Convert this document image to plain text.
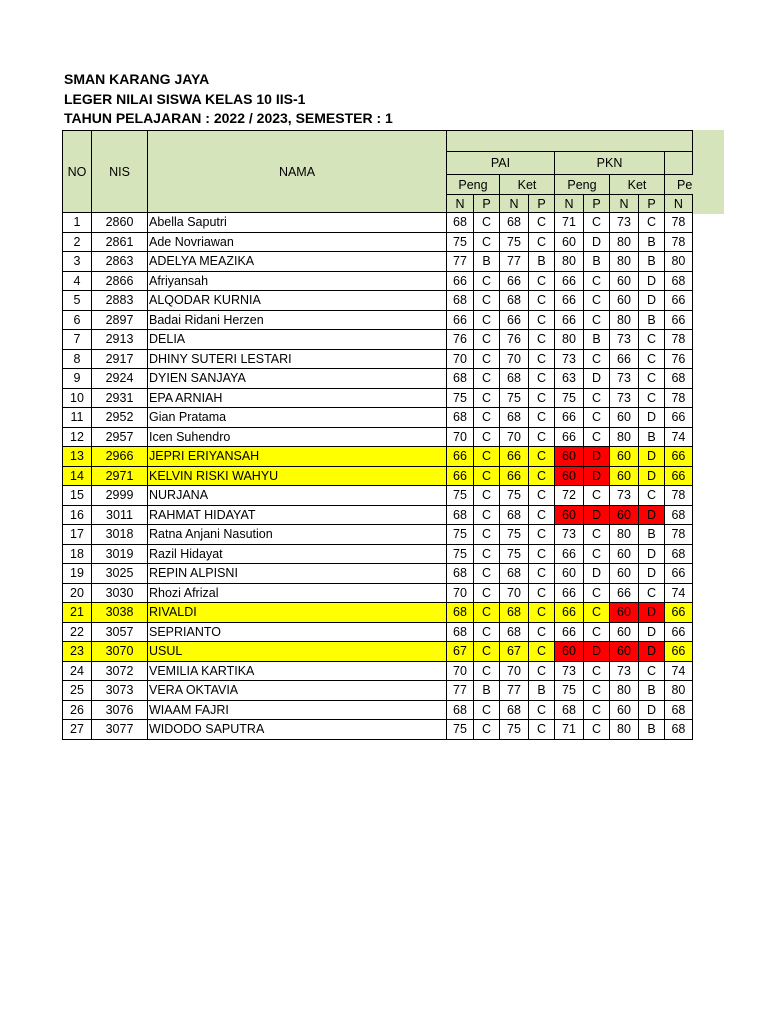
SMAN KARANG JAYA
LEGER NILAI SISWA KELAS 10 IIS-1
TAHUN PELAJARAN : 2022 / 2023, SEMESTER : 1
NO	NIS	NAMA									
			PAI				PKN				
			Peng		Ket		Peng		Ket		Pe
			N	P	N	P	N	P	N	P	N
1	2860	Abella Saputri	68	C	68	C	71	C	73	C	78
2	2861	Ade Novriawan	75	C	75	C	60	D	80	B	78
3	2863	ADELYA MEAZIKA	77	B	77	B	80	B	80	B	80
4	2866	Afriyansah	66	C	66	C	66	C	60	D	68
5	2883	ALQODAR KURNIA	68	C	68	C	66	C	60	D	66
6	2897	Badai Ridani Herzen	66	C	66	C	66	C	80	B	66
7	2913	DELIA	76	C	76	C	80	B	73	C	78
8	2917	DHINY SUTERI LESTARI	70	C	70	C	73	C	66	C	76
9	2924	DYIEN SANJAYA	68	C	68	C	63	D	73	C	68
10	2931	EPA ARNIAH	75	C	75	C	75	C	73	C	78
11	2952	Gian Pratama	68	C	68	C	66	C	60	D	66
12	2957	Icen Suhendro	70	C	70	C	66	C	80	B	74
13	2966	JEPRI ERIYANSAH	66	C	66	C	60	D	60	D	66
14	2971	KELVIN RISKI WAHYU	66	C	66	C	60	D	60	D	66
15	2999	NURJANA	75	C	75	C	72	C	73	C	78
16	3011	RAHMAT HIDAYAT	68	C	68	C	60	D	60	D	68
17	3018	Ratna Anjani Nasution	75	C	75	C	73	C	80	B	78
18	3019	Razil Hidayat	75	C	75	C	66	C	60	D	68
19	3025	REPIN ALPISNI	68	C	68	C	60	D	60	D	66
20	3030	Rhozi Afrizal	70	C	70	C	66	C	66	C	74
21	3038	RIVALDI	68	C	68	C	66	C	60	D	66
22	3057	SEPRIANTO	68	C	68	C	66	C	60	D	66
23	3070	USUL	67	C	67	C	60	D	60	D	66
24	3072	VEMILIA KARTIKA	70	C	70	C	73	C	73	C	74
25	3073	VERA OKTAVIA	77	B	77	B	75	C	80	B	80
26	3076	WIAAM FAJRI	68	C	68	C	68	C	60	D	68
27	3077	WIDODO SAPUTRA	75	C	75	C	71	C	80	B	68
